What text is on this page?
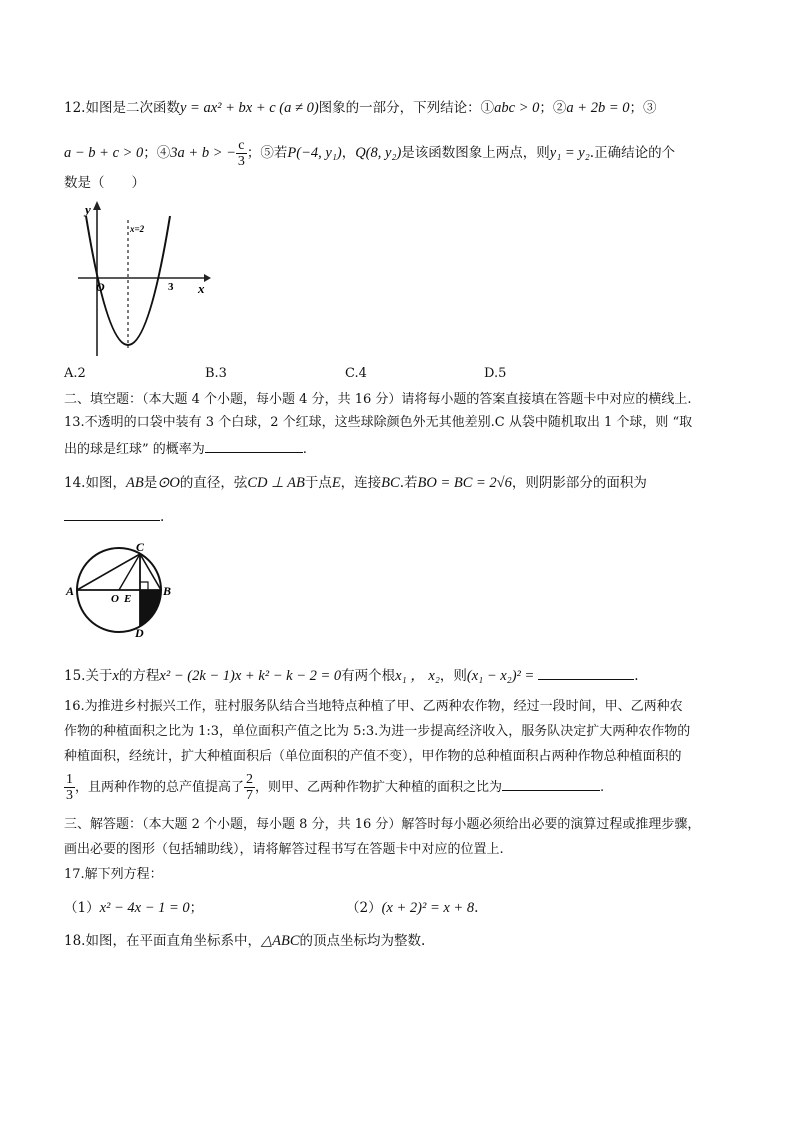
12.如图是二次函数y = ax² + bx + c (a ≠ 0)图象的一部分，下列结论：①abc > 0；②a + 2b = 0；③
a − b + c > 0；④3a + b > − $\frac{c}{3}$ ；⑤若P(−4, y₁)，Q(8, y₂)是该函数图象上两点，则y₁ = y₂.正确结论的个
数是（　　）
y
x
O
x=2
3
A.2	B.3	C.4	D.5
二、填空题：（本大题 4 个小题，每小题 4 分，共 16 分）请将每小题的答案直接填在答题卡中对应的横线上.
13.不透明的口袋中装有 3 个白球，2 个红球，这些球除颜色外无其他差别.C 从袋中随机取出 1 个球，则 “取
出的球是红球” 的概率为	.
14.如图，AB是⊙O的直径，弦CD ⊥ AB于点E，连接BC.若BO = BC = 2√6，则阴影部分的面积为
.
A	B
C
D
O E
15.关于x的方程x² − (2k − 1)x + k² − k − 2 = 0有两个根x₁ ， x₂，则(x₁ − x₂)² =	.
16.为推进乡村振兴工作，驻村服务队结合当地特点种植了甲、乙两种农作物，经过一段时间，甲、乙两种农
作物的种植面积之比为 1:3，单位面积产值之比为 5:3.为进一步提高经济收入，服务队决定扩大两种农作物的
种植面积，经统计，扩大种植面积后（单位面积的产值不变），甲作物的总种植面积占两种作物总种植面积的
$\frac{1}{3}$ ，且两种作物的总产值提高了 $\frac{2}{7}$ ，则甲、乙两种作物扩大种植的面积之比为	.
三、解答题：（本大题 2 个小题，每小题 8 分，共 16 分）解答时每小题必须给出必要的演算过程或推理步骤，
画出必要的图形（包括辅助线），请将解答过程书写在答题卡中对应的位置上.
17.解下列方程：
（1）x² − 4x − 1 = 0；	（2）(x + 2)² = x + 8.
18.如图，在平面直角坐标系中，△ABC的顶点坐标均为整数.
